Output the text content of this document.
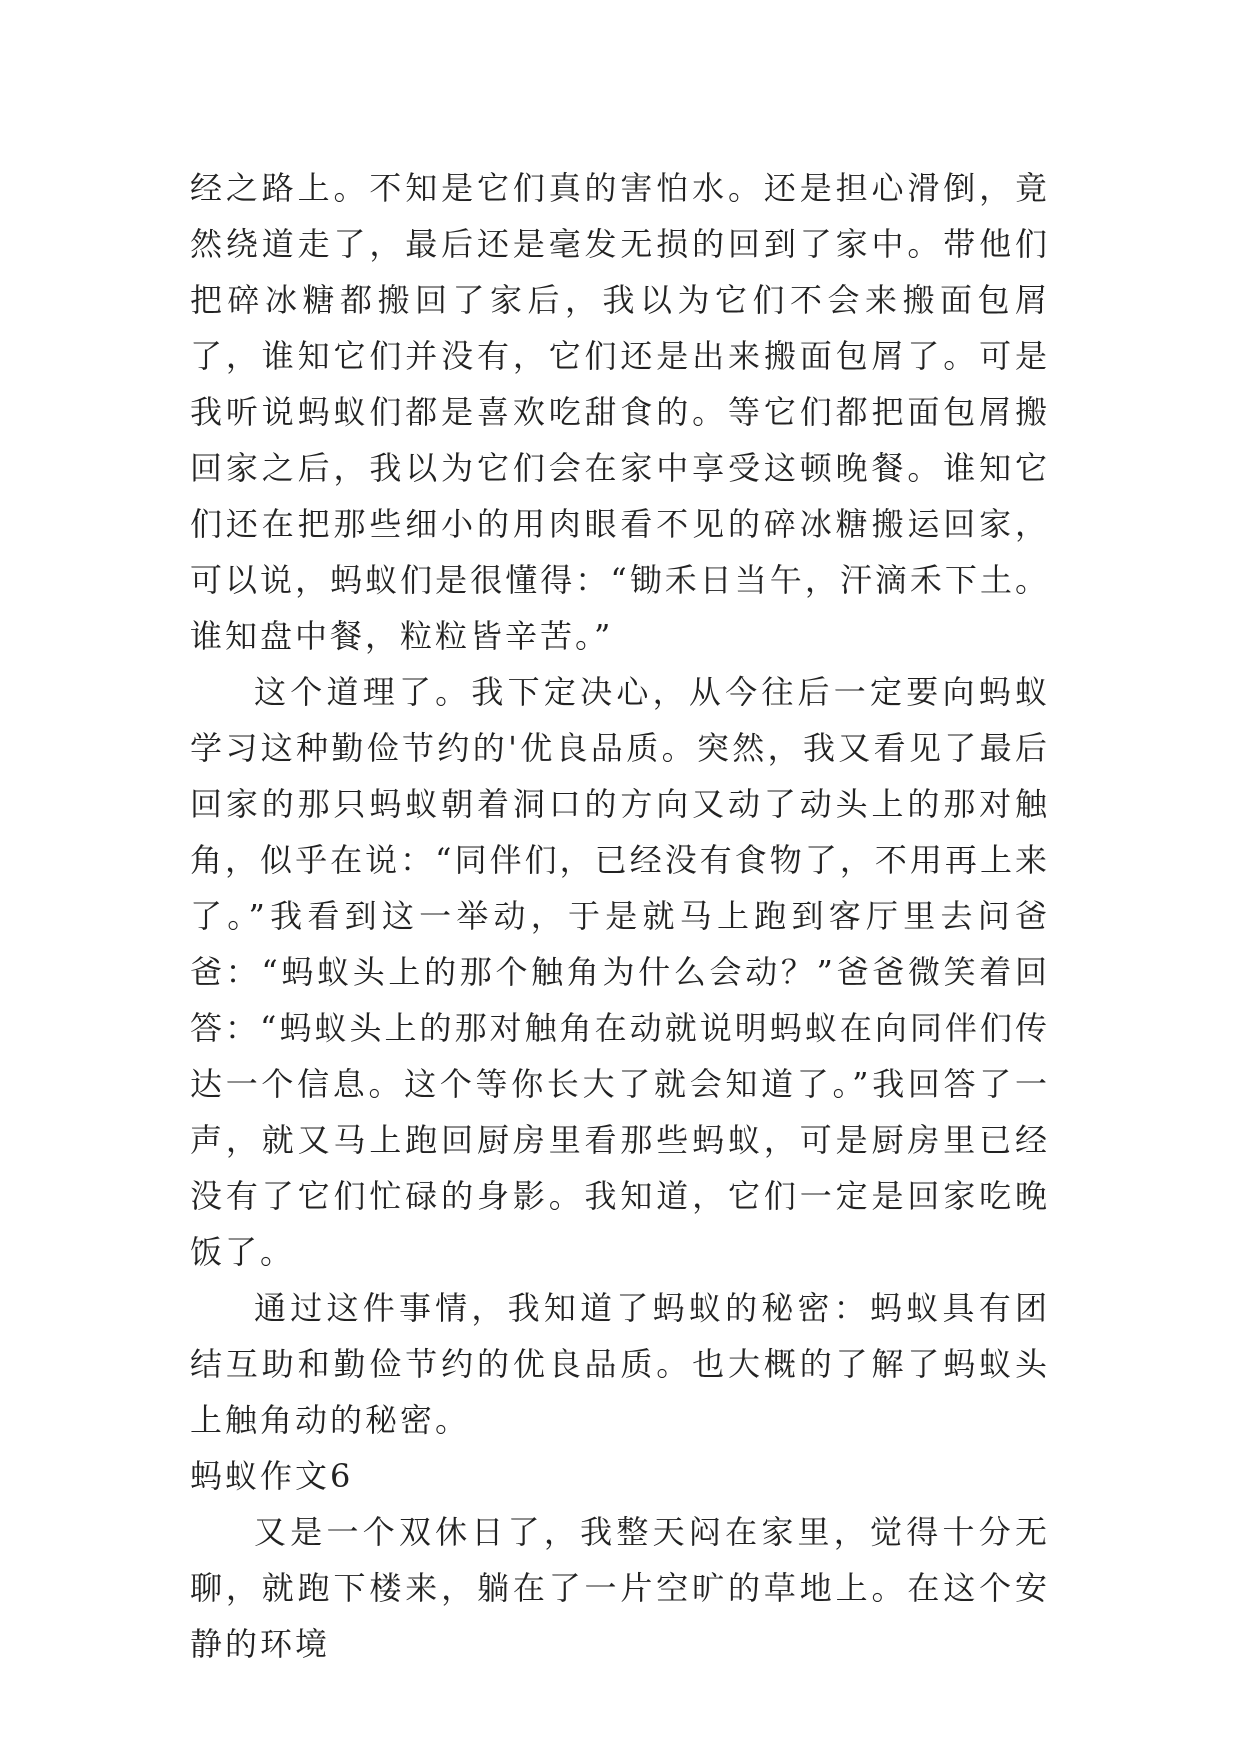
经之路上。不知是它们真的害怕水。还是担心滑倒，竟然绕道走了，最后还是毫发无损的回到了家中。带他们把碎冰糖都搬回了家后，我以为它们不会来搬面包屑了，谁知它们并没有，它们还是出来搬面包屑了。可是我听说蚂蚁们都是喜欢吃甜食的。等它们都把面包屑搬回家之后，我以为它们会在家中享受这顿晚餐。谁知它们还在把那些细小的用肉眼看不见的碎冰糖搬运回家，可以说，蚂蚁们是很懂得：“锄禾日当午，汗滴禾下土。谁知盘中餐，粒粒皆辛苦。”

这个道理了。我下定决心，从今往后一定要向蚂蚁学习这种勤俭节约的'优良品质。突然，我又看见了最后回家的那只蚂蚁朝着洞口的方向又动了动头上的那对触角，似乎在说：“同伴们，已经没有食物了，不用再上来了。”我看到这一举动，于是就马上跑到客厅里去问爸爸：“蚂蚁头上的那个触角为什么会动？”爸爸微笑着回答：“蚂蚁头上的那对触角在动就说明蚂蚁在向同伴们传达一个信息。这个等你长大了就会知道了。”我回答了一声，就又马上跑回厨房里看那些蚂蚁，可是厨房里已经没有了它们忙碌的身影。我知道，它们一定是回家吃晚饭了。

通过这件事情，我知道了蚂蚁的秘密：蚂蚁具有团结互助和勤俭节约的优良品质。也大概的了解了蚂蚁头上触角动的秘密。

蚂蚁作文6

又是一个双休日了，我整天闷在家里，觉得十分无聊，就跑下楼来，躺在了一片空旷的草地上。在这个安静的环境
